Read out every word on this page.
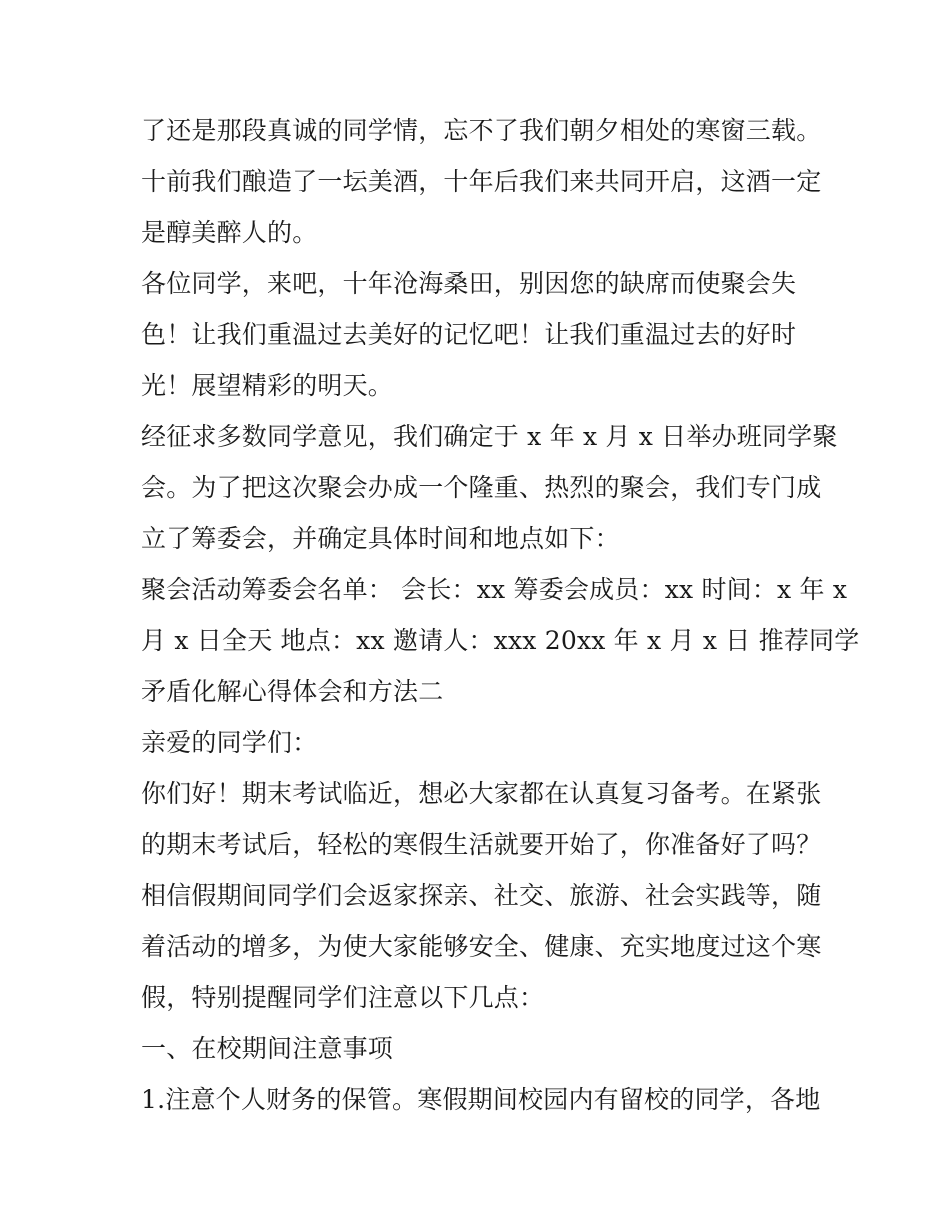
了还是那段真诚的同学情，忘不了我们朝夕相处的寒窗三载。
十前我们酿造了一坛美酒，十年后我们来共同开启，这酒一定
是醇美醉人的。
各位同学，来吧，十年沧海桑田，别因您的缺席而使聚会失
色！让我们重温过去美好的记忆吧！让我们重温过去的好时
光！展望精彩的明天。
经征求多数同学意见，我们确定于 x 年 x 月 x 日举办班同学聚
会。为了把这次聚会办成一个隆重、热烈的聚会，我们专门成
立了筹委会，并确定具体时间和地点如下：
聚会活动筹委会名单： 会长：xx 筹委会成员：xx 时间：x 年 x
月 x 日全天 地点：xx 邀请人：xxx 20xx 年 x 月 x 日 推荐同学
矛盾化解心得体会和方法二
亲爱的同学们：
你们好！期末考试临近，想必大家都在认真复习备考。在紧张
的期末考试后，轻松的寒假生活就要开始了，你准备好了吗？
相信假期间同学们会返家探亲、社交、旅游、社会实践等，随
着活动的增多，为使大家能够安全、健康、充实地度过这个寒
假，特别提醒同学们注意以下几点：
一、在校期间注意事项
1.注意个人财务的保管。寒假期间校园内有留校的同学，各地
